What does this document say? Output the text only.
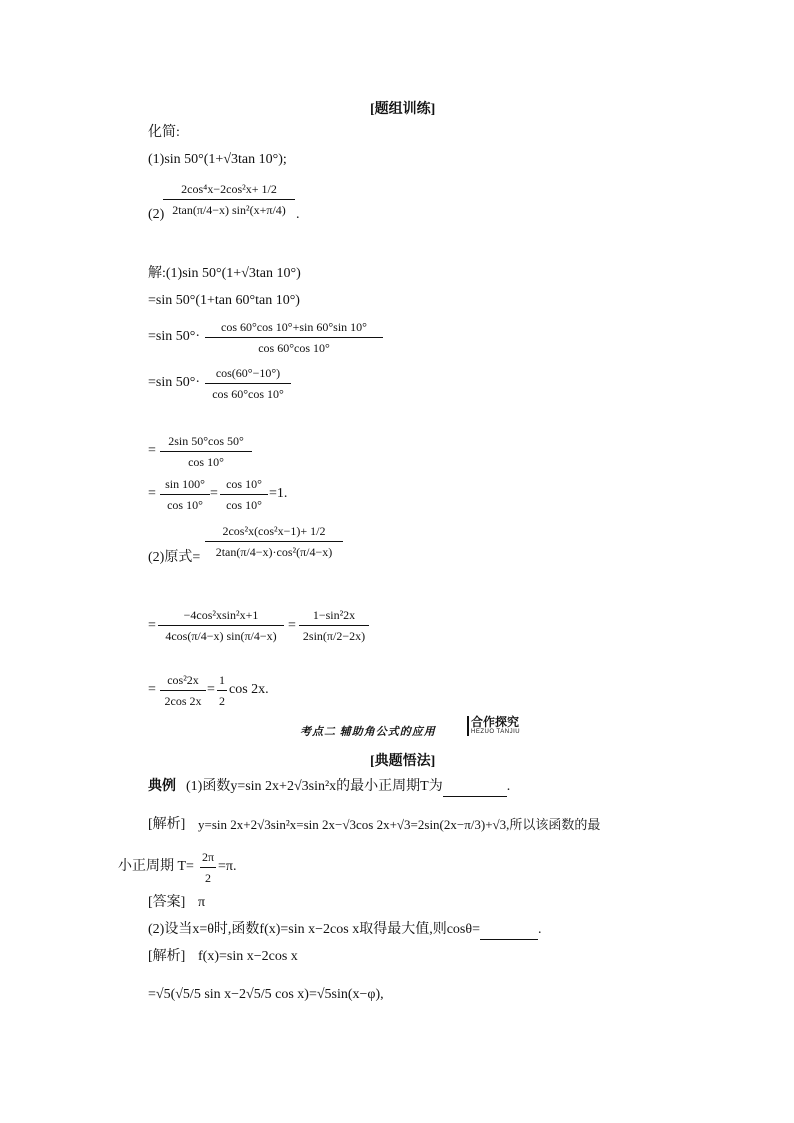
[题组训练]
化简:
(1)sin 50°(1+√3tan 10°);
(2)
2cos⁴x−2cos²x+ 1/2
2tan(π/4−x) sin²(x+π/4) .
解:(1)sin 50°(1+√3tan 10°)
=sin 50°(1+tan 60°tan 10°)
=sin 50°·
cos 60°cos 10°+sin 60°sin 10°
cos 60°cos 10°
=sin 50°·
cos(60°−10°)
cos 60°cos 10°
=
2sin 50°cos 50°
cos 10°
=
sin 100°
cos 10°
=
cos 10°
cos 10°
=1.
(2)原式=
2cos²x(cos²x−1)+ 1/2
2tan(π/4−x)·cos²(π/4−x)
=
−4cos²xsin²x+1
4cos(π/4−x) sin(π/4−x)
=
1−sin²2x
2sin(π/2−2x)
=
cos²2x
2cos 2x
=
1
2
cos 2x.
考点二 辅助角公式的应用
合作探究
HEZUO TANJIU
[典题悟法]
典例 (1)函数y=sin 2x+2√3sin²x的最小正周期T为	.
[解析] y=sin 2x+2√3sin²x=sin 2x−√3cos 2x+√3=2sin(2x−π/3)+√3,所以该函数的最
小正周期 T=
2π
2
=π.
[答案] π
(2)设当x=θ时,函数f(x)=sin x−2cos x取得最大值,则cosθ=	.
[解析] f(x)=sin x−2cos x
=√5(√5/5 sin x−2√5/5 cos x)=√5sin(x−φ),
